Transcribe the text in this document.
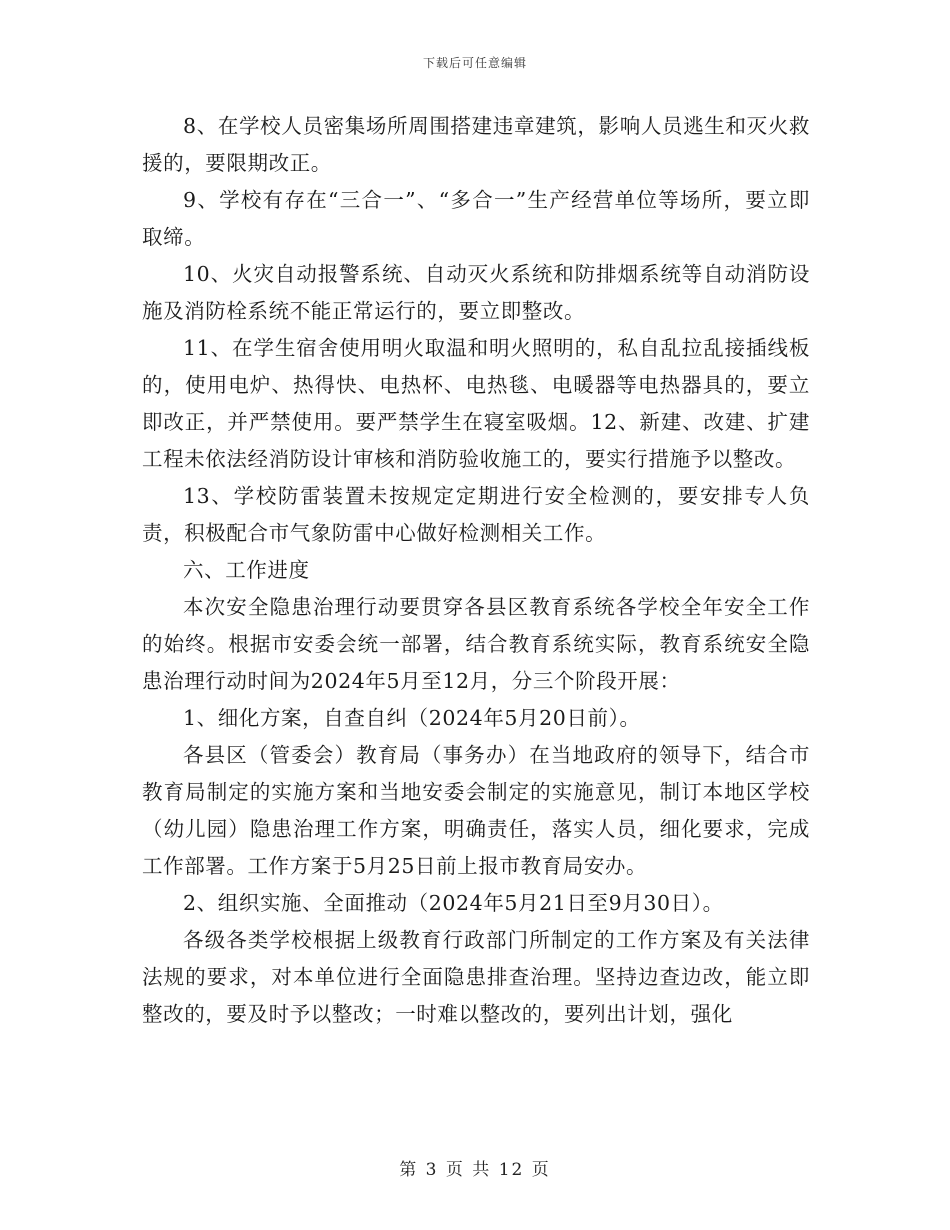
下载后可任意编辑

8、在学校人员密集场所周围搭建违章建筑，影响人员逃生和灭火救援的，要限期改正。

9、学校有存在“三合一”、“多合一”生产经营单位等场所，要立即取缔。

10、火灾自动报警系统、自动灭火系统和防排烟系统等自动消防设施及消防栓系统不能正常运行的，要立即整改。

11、在学生宿舍使用明火取温和明火照明的，私自乱拉乱接插线板的，使用电炉、热得快、电热杯、电热毯、电暖器等电热器具的，要立即改正，并严禁使用。要严禁学生在寝室吸烟。12、新建、改建、扩建工程未依法经消防设计审核和消防验收施工的，要实行措施予以整改。

13、学校防雷装置未按规定定期进行安全检测的，要安排专人负责，积极配合市气象防雷中心做好检测相关工作。

六、工作进度

本次安全隐患治理行动要贯穿各县区教育系统各学校全年安全工作的始终。根据市安委会统一部署，结合教育系统实际，教育系统安全隐患治理行动时间为2024年5月至12月，分三个阶段开展：

1、细化方案，自查自纠（2024年5月20日前）。

各县区（管委会）教育局（事务办）在当地政府的领导下，结合市教育局制定的实施方案和当地安委会制定的实施意见，制订本地区学校（幼儿园）隐患治理工作方案，明确责任，落实人员，细化要求，完成工作部署。工作方案于5月25日前上报市教育局安办。

2、组织实施、全面推动（2024年5月21日至9月30日）。

各级各类学校根据上级教育行政部门所制定的工作方案及有关法律法规的要求，对本单位进行全面隐患排查治理。坚持边查边改，能立即整改的，要及时予以整改；一时难以整改的，要列出计划，强化

第 3 页 共 12 页
